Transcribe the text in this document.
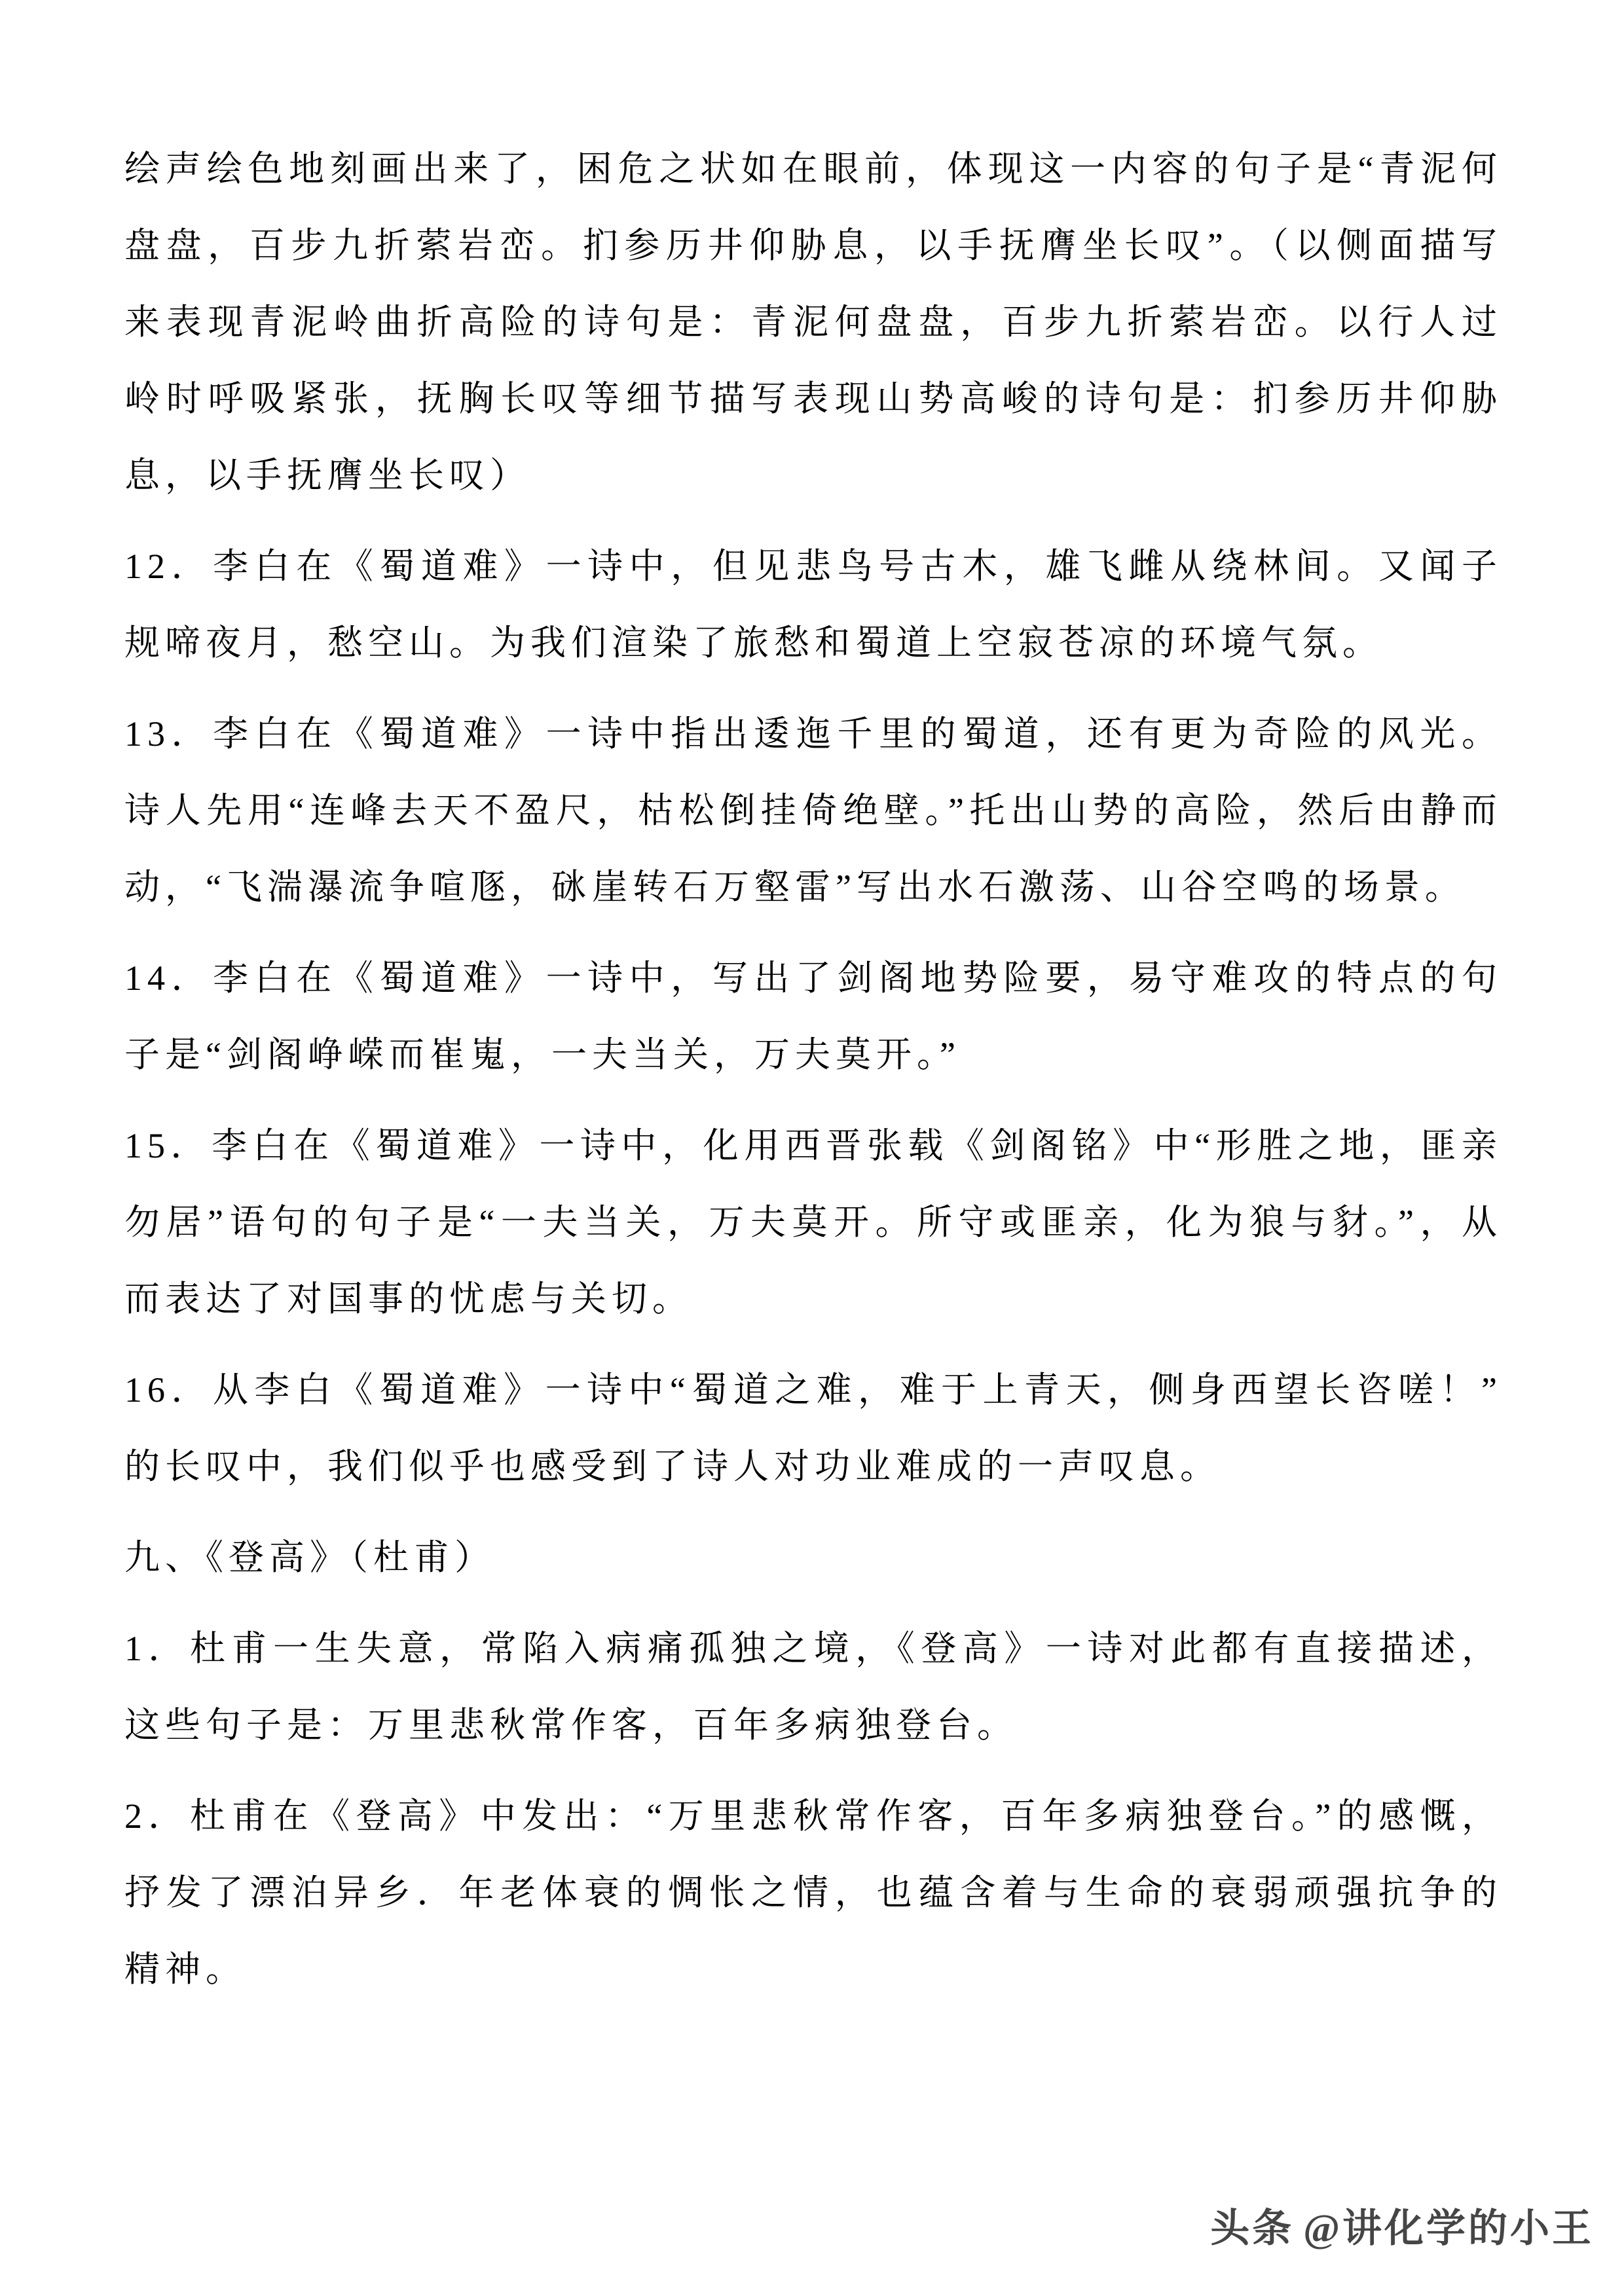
绘声绘色地刻画出来了，困危之状如在眼前，体现这一内容的句子是“青泥何盘盘，百步九折萦岩峦。扪参历井仰胁息，以手抚膺坐长叹”。（以侧面描写来表现青泥岭曲折高险的诗句是：青泥何盘盘，百步九折萦岩峦。以行人过岭时呼吸紧张，抚胸长叹等细节描写表现山势高峻的诗句是：扪参历井仰胁息，以手抚膺坐长叹）

12．李白在《蜀道难》一诗中，但见悲鸟号古木，雄飞雌从绕林间。又闻子规啼夜月，愁空山。为我们渲染了旅愁和蜀道上空寂苍凉的环境气氛。

13．李白在《蜀道难》一诗中指出逶迤千里的蜀道，还有更为奇险的风光。诗人先用“连峰去天不盈尺，枯松倒挂倚绝壁。”托出山势的高险，然后由静而动，“飞湍瀑流争喧豗，砯崖转石万壑雷”写出水石激荡、山谷空鸣的场景。

14．李白在《蜀道难》一诗中，写出了剑阁地势险要，易守难攻的特点的句子是“剑阁峥嵘而崔嵬，一夫当关，万夫莫开。”

15．李白在《蜀道难》一诗中，化用西晋张载《剑阁铭》中“形胜之地，匪亲勿居”语句的句子是“一夫当关，万夫莫开。所守或匪亲，化为狼与豺。”，从而表达了对国事的忧虑与关切。

16．从李白《蜀道难》一诗中“蜀道之难，难于上青天，侧身西望长咨嗟！”的长叹中，我们似乎也感受到了诗人对功业难成的一声叹息。

九、《登高》（杜甫）

1．杜甫一生失意，常陷入病痛孤独之境，《登高》一诗对此都有直接描述，这些句子是：万里悲秋常作客，百年多病独登台。

2．杜甫在《登高》中发出：“万里悲秋常作客，百年多病独登台。”的感慨，抒发了漂泊异乡．年老体衰的惆怅之情，也蕴含着与生命的衰弱顽强抗争的精神。

头条 @讲化学的小王
